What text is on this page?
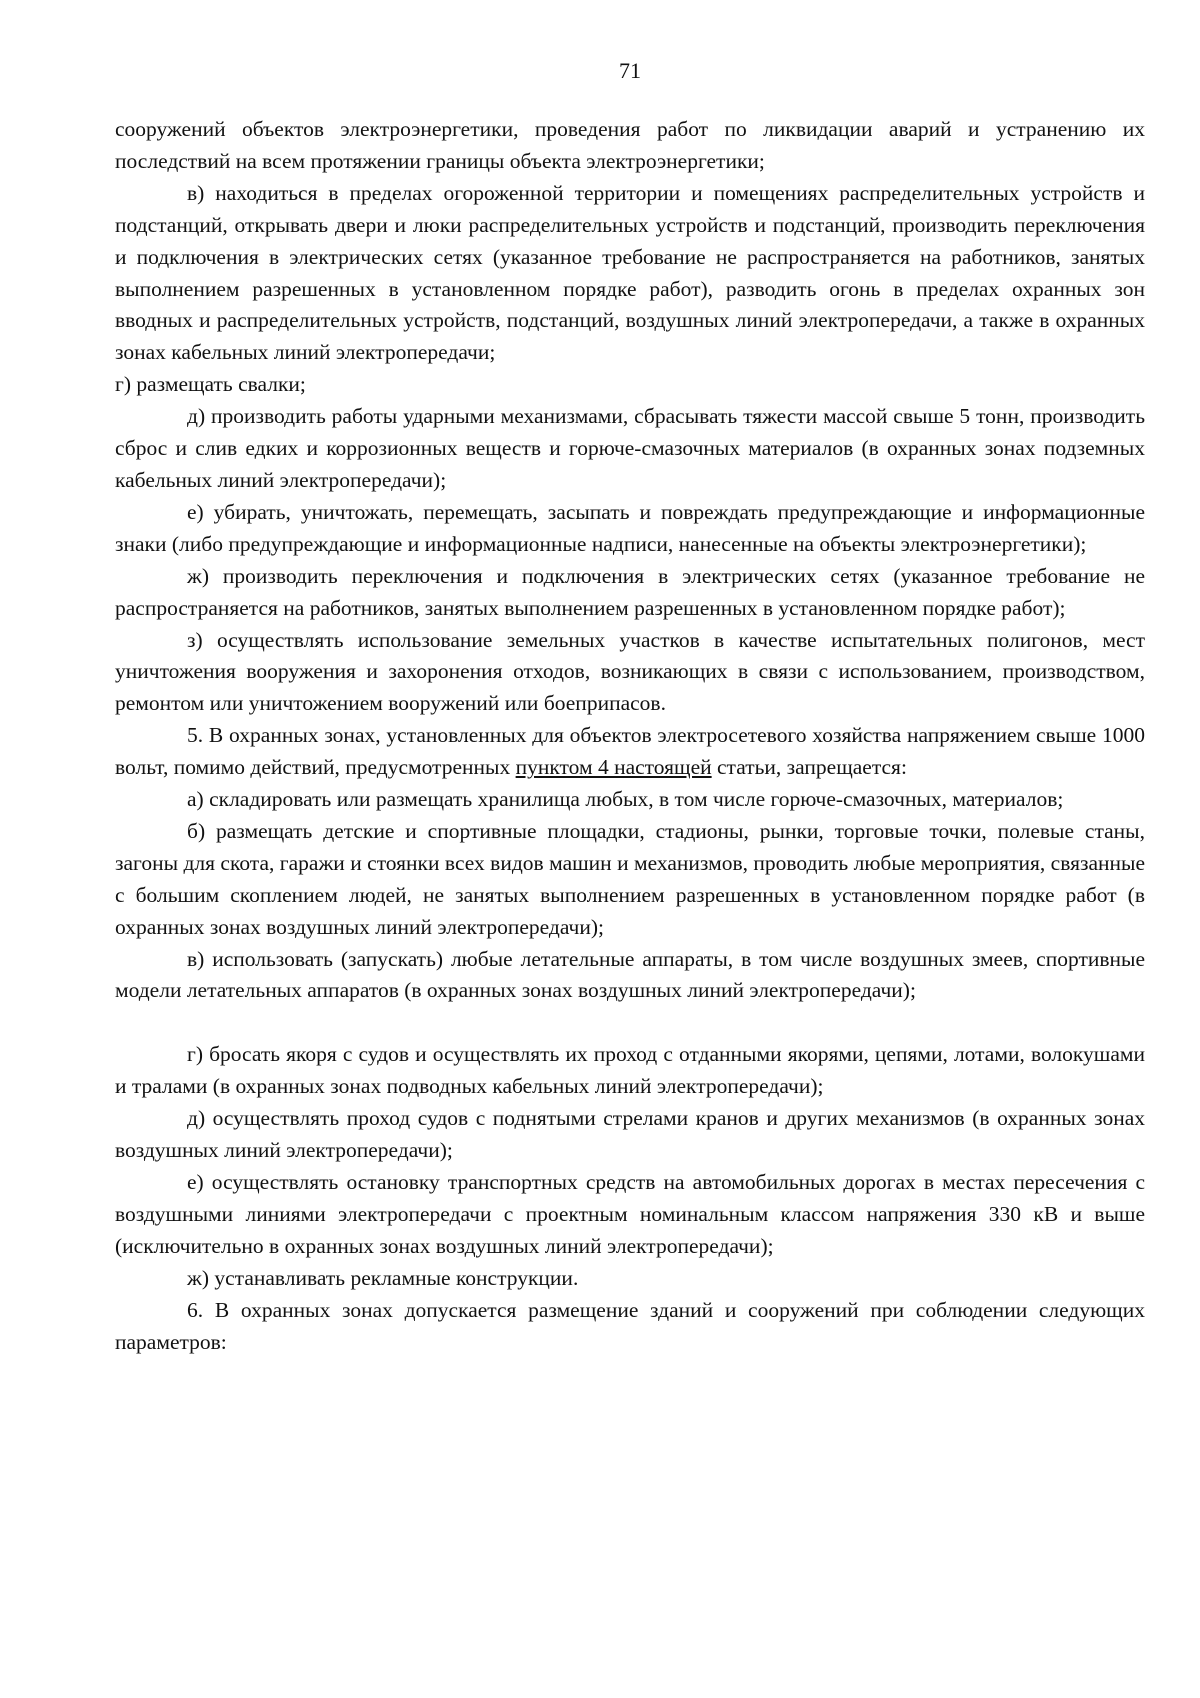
71

сооружений объектов электроэнергетики, проведения работ по ликвидации аварий и устранению их последствий на всем протяжении границы объекта электроэнергетики;

в) находиться в пределах огороженной территории и помещениях распределительных устройств и подстанций, открывать двери и люки распределительных устройств и подстанций, производить переключения и подключения в электрических сетях (указанное требование не распространяется на работников, занятых выполнением разрешенных в установленном порядке работ), разводить огонь в пределах охранных зон вводных и распределительных устройств, подстанций, воздушных линий электропередачи, а также в охранных зонах кабельных линий электропередачи;

г) размещать свалки;

д) производить работы ударными механизмами, сбрасывать тяжести массой свыше 5 тонн, производить сброс и слив едких и коррозионных веществ и горюче-смазочных материалов (в охранных зонах подземных кабельных линий электропередачи);

е) убирать, уничтожать, перемещать, засыпать и повреждать предупреждающие и информационные знаки (либо предупреждающие и информационные надписи, нанесенные на объекты электроэнергетики);

ж) производить переключения и подключения в электрических сетях (указанное требование не распространяется на работников, занятых выполнением разрешенных в установленном порядке работ);

з) осуществлять использование земельных участков в качестве испытательных полигонов, мест уничтожения вооружения и захоронения отходов, возникающих в связи с использованием, производством, ремонтом или уничтожением вооружений или боеприпасов.

5. В охранных зонах, установленных для объектов электросетевого хозяйства напряжением свыше 1000 вольт, помимо действий, предусмотренных пунктом 4 настоящей статьи, запрещается:

а) складировать или размещать хранилища любых, в том числе горюче-смазочных, материалов;

б) размещать детские и спортивные площадки, стадионы, рынки, торговые точки, полевые станы, загоны для скота, гаражи и стоянки всех видов машин и механизмов, проводить любые мероприятия, связанные с большим скоплением людей, не занятых выполнением разрешенных в установленном порядке работ (в охранных зонах воздушных линий электропередачи);

в) использовать (запускать) любые летательные аппараты, в том числе воздушных змеев, спортивные модели летательных аппаратов (в охранных зонах воздушных линий электропередачи);

г) бросать якоря с судов и осуществлять их проход с отданными якорями, цепями, лотами, волокушами и тралами (в охранных зонах подводных кабельных линий электропередачи);

д) осуществлять проход судов с поднятыми стрелами кранов и других механизмов (в охранных зонах воздушных линий электропередачи);

е) осуществлять остановку транспортных средств на автомобильных дорогах в местах пересечения с воздушными линиями электропередачи с проектным номинальным классом напряжения 330 кВ и выше (исключительно в охранных зонах воздушных линий электропередачи);

ж) устанавливать рекламные конструкции.

6. В охранных зонах допускается размещение зданий и сооружений при соблюдении следующих параметров:
